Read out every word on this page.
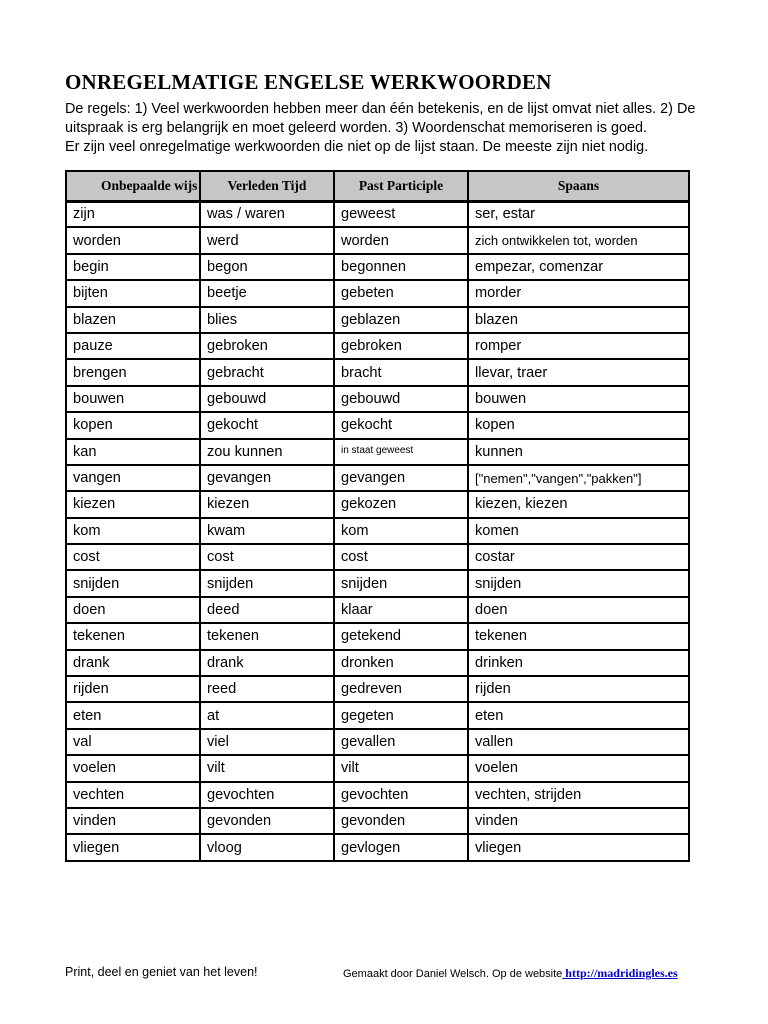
ONREGELMATIGE ENGELSE WERKWOORDEN

De regels: 1) Veel werkwoorden hebben meer dan één betekenis, en de lijst omvat niet alles. 2) De uitspraak is erg belangrijk en moet geleerd worden. 3) Woordenschat memoriseren is goed.

Er zijn veel onregelmatige werkwoorden die niet op de lijst staan. De meeste zijn niet nodig.

Onbepaalde wijs	Verleden Tijd	Past Participle	Spaans
zijn	was / waren	geweest	ser, estar
worden	werd	worden	zich ontwikkelen tot, worden
begin	begon	begonnen	empezar, comenzar
bijten	beetje	gebeten	morder
blazen	blies	geblazen	blazen
pauze	gebroken	gebroken	romper
brengen	gebracht	bracht	llevar, traer
bouwen	gebouwd	gebouwd	bouwen
kopen	gekocht	gekocht	kopen
kan	zou kunnen	in staat geweest	kunnen
vangen	gevangen	gevangen	["nemen","vangen","pakken"]
kiezen	kiezen	gekozen	kiezen, kiezen
kom	kwam	kom	komen
cost	cost	cost	costar
snijden	snijden	snijden	snijden
doen	deed	klaar	doen
tekenen	tekenen	getekend	tekenen
drank	drank	dronken	drinken
rijden	reed	gedreven	rijden
eten	at	gegeten	eten
val	viel	gevallen	vallen
voelen	vilt	vilt	voelen
vechten	gevochten	gevochten	vechten, strijden
vinden	gevonden	gevonden	vinden
vliegen	vloog	gevlogen	vliegen
Print, deel en geniet van het leven!	Gemaakt door Daniel Welsch. Op de website http://madridingles.es
